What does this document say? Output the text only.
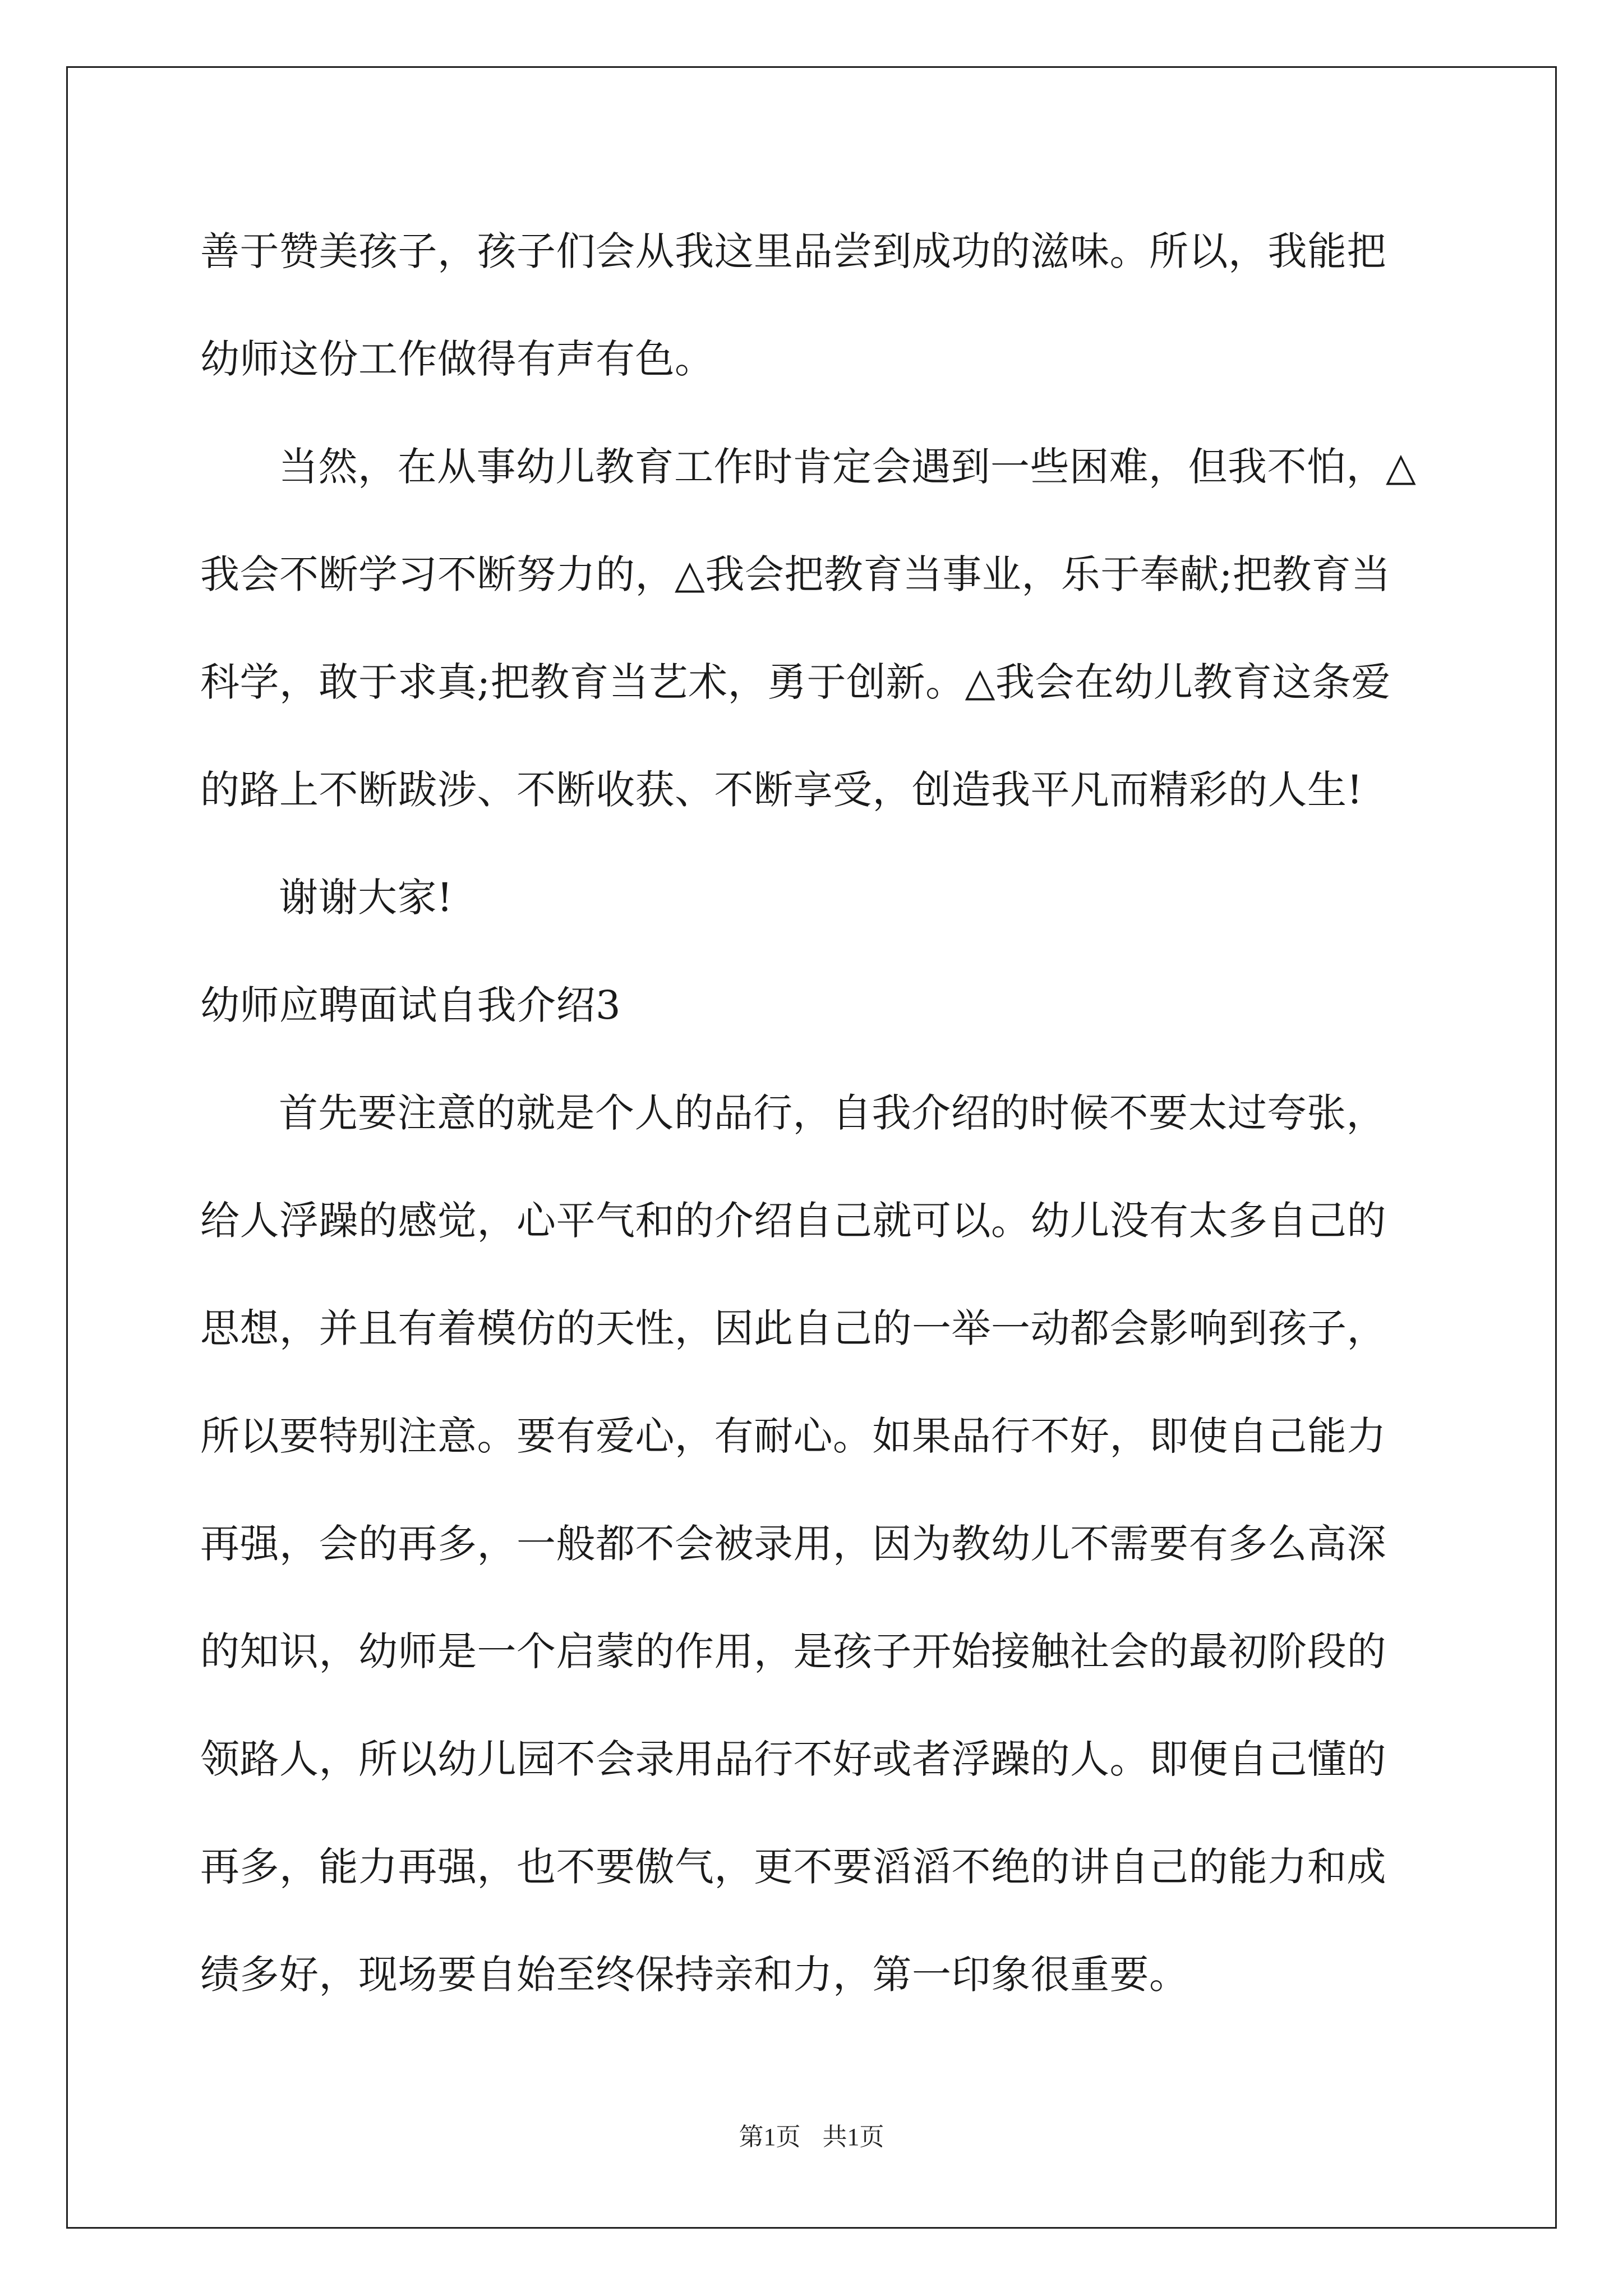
善于赞美孩子，孩子们会从我这里品尝到成功的滋味。所以，我能把
幼师这份工作做得有声有色。
当然，在从事幼儿教育工作时肯定会遇到一些困难，但我不怕，△
我会不断学习不断努力的，△我会把教育当事业，乐于奉献;把教育当
科学，敢于求真;把教育当艺术，勇于创新。△我会在幼儿教育这条爱
的路上不断跋涉、不断收获、不断享受，创造我平凡而精彩的人生!
谢谢大家!
幼师应聘面试自我介绍3
首先要注意的就是个人的品行，自我介绍的时候不要太过夸张，
给人浮躁的感觉，心平气和的介绍自己就可以。幼儿没有太多自己的
思想，并且有着模仿的天性，因此自己的一举一动都会影响到孩子，
所以要特别注意。要有爱心，有耐心。如果品行不好，即使自己能力
再强，会的再多，一般都不会被录用，因为教幼儿不需要有多么高深
的知识，幼师是一个启蒙的作用，是孩子开始接触社会的最初阶段的
领路人，所以幼儿园不会录用品行不好或者浮躁的人。即便自己懂的
再多，能力再强，也不要傲气，更不要滔滔不绝的讲自己的能力和成
绩多好，现场要自始至终保持亲和力，第一印象很重要。
第1页 共1页
